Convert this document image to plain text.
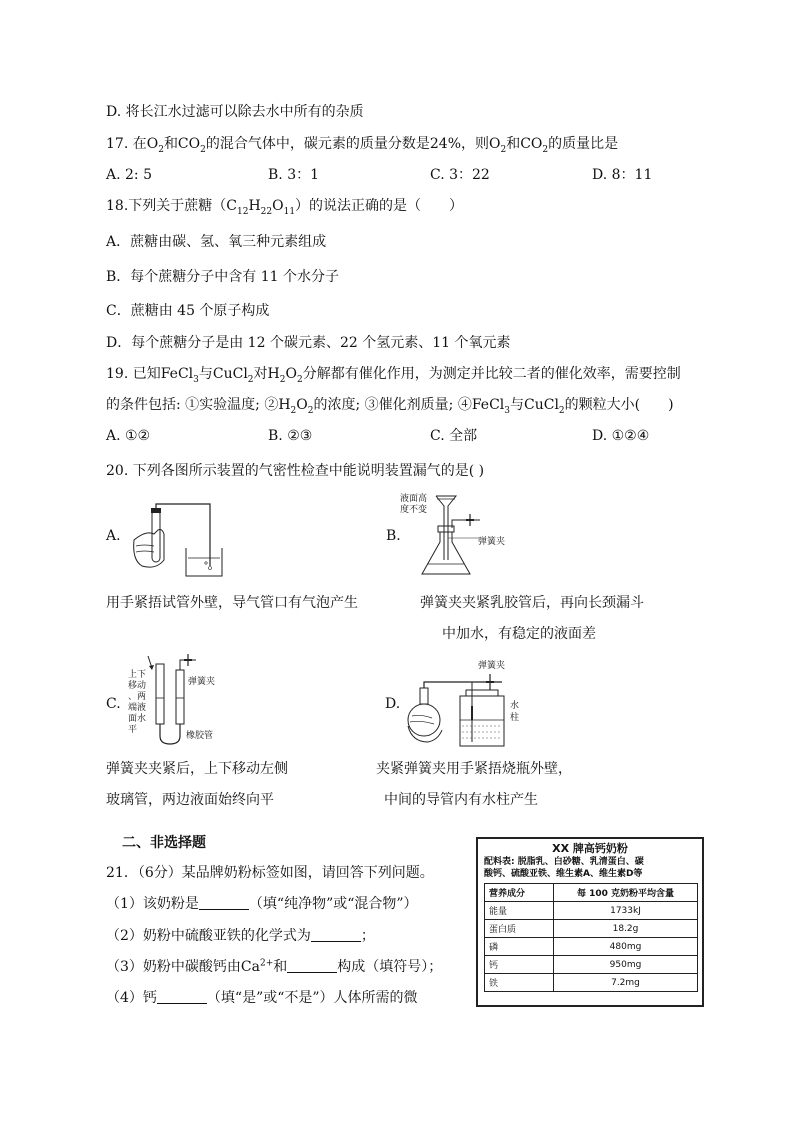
D. 将长江水过滤可以除去水中所有的杂质
17. 在$O_2$和$CO_2$的混合气体中，碳元素的质量分数是24%，则$O_2$和$CO_2$的质量比是
A. 2: 5	B. 3：1	C. 3：22	D. 8：11
18.下列关于蔗糖$(C_{12}H_{22}O_{11})$的说法正确的是（　　）
A．蔗糖由碳、氢、氧三种元素组成
B．每个蔗糖分子中含有 11 个水分子
C．蔗糖由 45 个原子构成
D．每个蔗糖分子是由 12 个碳元素、22 个氢元素、11 个氧元素
19. 已知FeCl$_3$与CuCl$_2$对$H_2O_2$分解都有催化作用，为测定并比较二者的催化效率，需要控制
的条件包括: ①实验温度; $②H_2O_2$的浓度; ③催化剂质量; ④FeCl$_3$与CuCl$_2$的颗粒大小(　　)
A. ①②	B. ②③	C. 全部	D. ①②④
20. 下列各图所示装置的气密性检查中能说明装置漏气的是( )
A.	B.
液面高
度不变
弹簧夹
用手紧捂试管外壁，导气管口有气泡产生	弹簧夹夹紧乳胶管后，再向长颈漏斗
中加水，有稳定的液面差
C.
上下
移动
、两
端液
面水
平
弹簧夹
橡胶管
D.
弹簧夹
水
柱
弹簧夹夹紧后，上下移动左侧
玻璃管，两边液面始终向平
夹紧弹簧夹用手紧捂烧瓶外壁，
中间的导管内有水柱产生
二、非选择题
21．（6分）某品牌奶粉标签如图，请回答下列问题。
（1）该奶粉是	（填“纯净物”或“混合物”）
（2）奶粉中硫酸亚铁的化学式为	；
（3）奶粉中碳酸钙由$Ca^{2+}$和	构成（填符号）；
（4）钙	（填“是”或“不是”）人体所需的微
XX 牌高钙奶粉
配料表: 脱脂乳、白砂糖、乳清蛋白、碳
酸钙、硫酸亚铁、维生素A、维生素D等
营养成分	每 100 克奶粉平均含量
能量	1733kJ
蛋白质	18.2g
磷	480mg
钙	950mg
铁	7.2mg
